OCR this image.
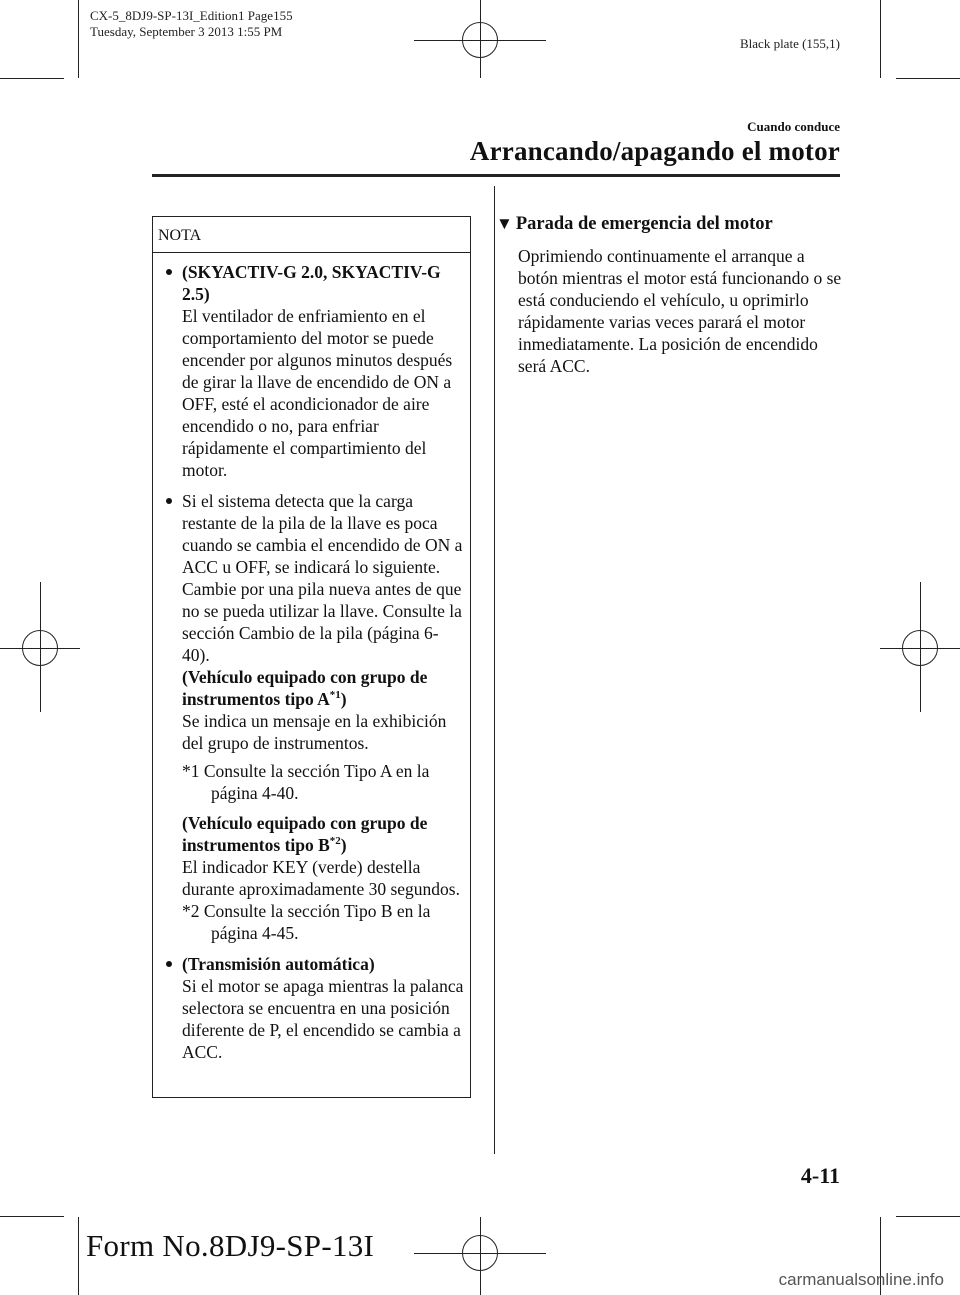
CX-5_8DJ9-SP-13I_Edition1 Page155
Tuesday, September 3 2013 1:55 PM
Black plate (155,1)
Cuando conduce
Arrancando/apagando el motor
NOTA
(SKYACTIV-G 2.0, SKYACTIV-G 2.5)
El ventilador de enfriamiento en el comportamiento del motor se puede encender por algunos minutos después de girar la llave de encendido de ON a OFF, esté el acondicionador de aire encendido o no, para enfriar rápidamente el compartimiento del motor.
Si el sistema detecta que la carga restante de la pila de la llave es poca cuando se cambia el encendido de ON a ACC u OFF, se indicará lo siguiente.
Cambie por una pila nueva antes de que no se pueda utilizar la llave. Consulte la sección Cambio de la pila (página 6-40).
(Vehículo equipado con grupo de instrumentos tipo $A^{*1}$)
Se indica un mensaje en la exhibición del grupo de instrumentos.
*1 Consulte la sección Tipo A en la página 4-40.
(Vehículo equipado con grupo de instrumentos tipo $B^{*2}$)
El indicador KEY (verde) destella durante aproximadamente 30 segundos.
*2 Consulte la sección Tipo B en la página 4-45.
(Transmisión automática)
Si el motor se apaga mientras la palanca selectora se encuentra en una posición diferente de P, el encendido se cambia a ACC.
▼ Parada de emergencia del motor
Oprimiendo continuamente el arranque a botón mientras el motor está funcionando o se está conduciendo el vehículo, u oprimirlo rápidamente varias veces parará el motor inmediatamente. La posición de encendido será ACC.
4-11
Form No.8DJ9-SP-13I
carmanualsonline.info
